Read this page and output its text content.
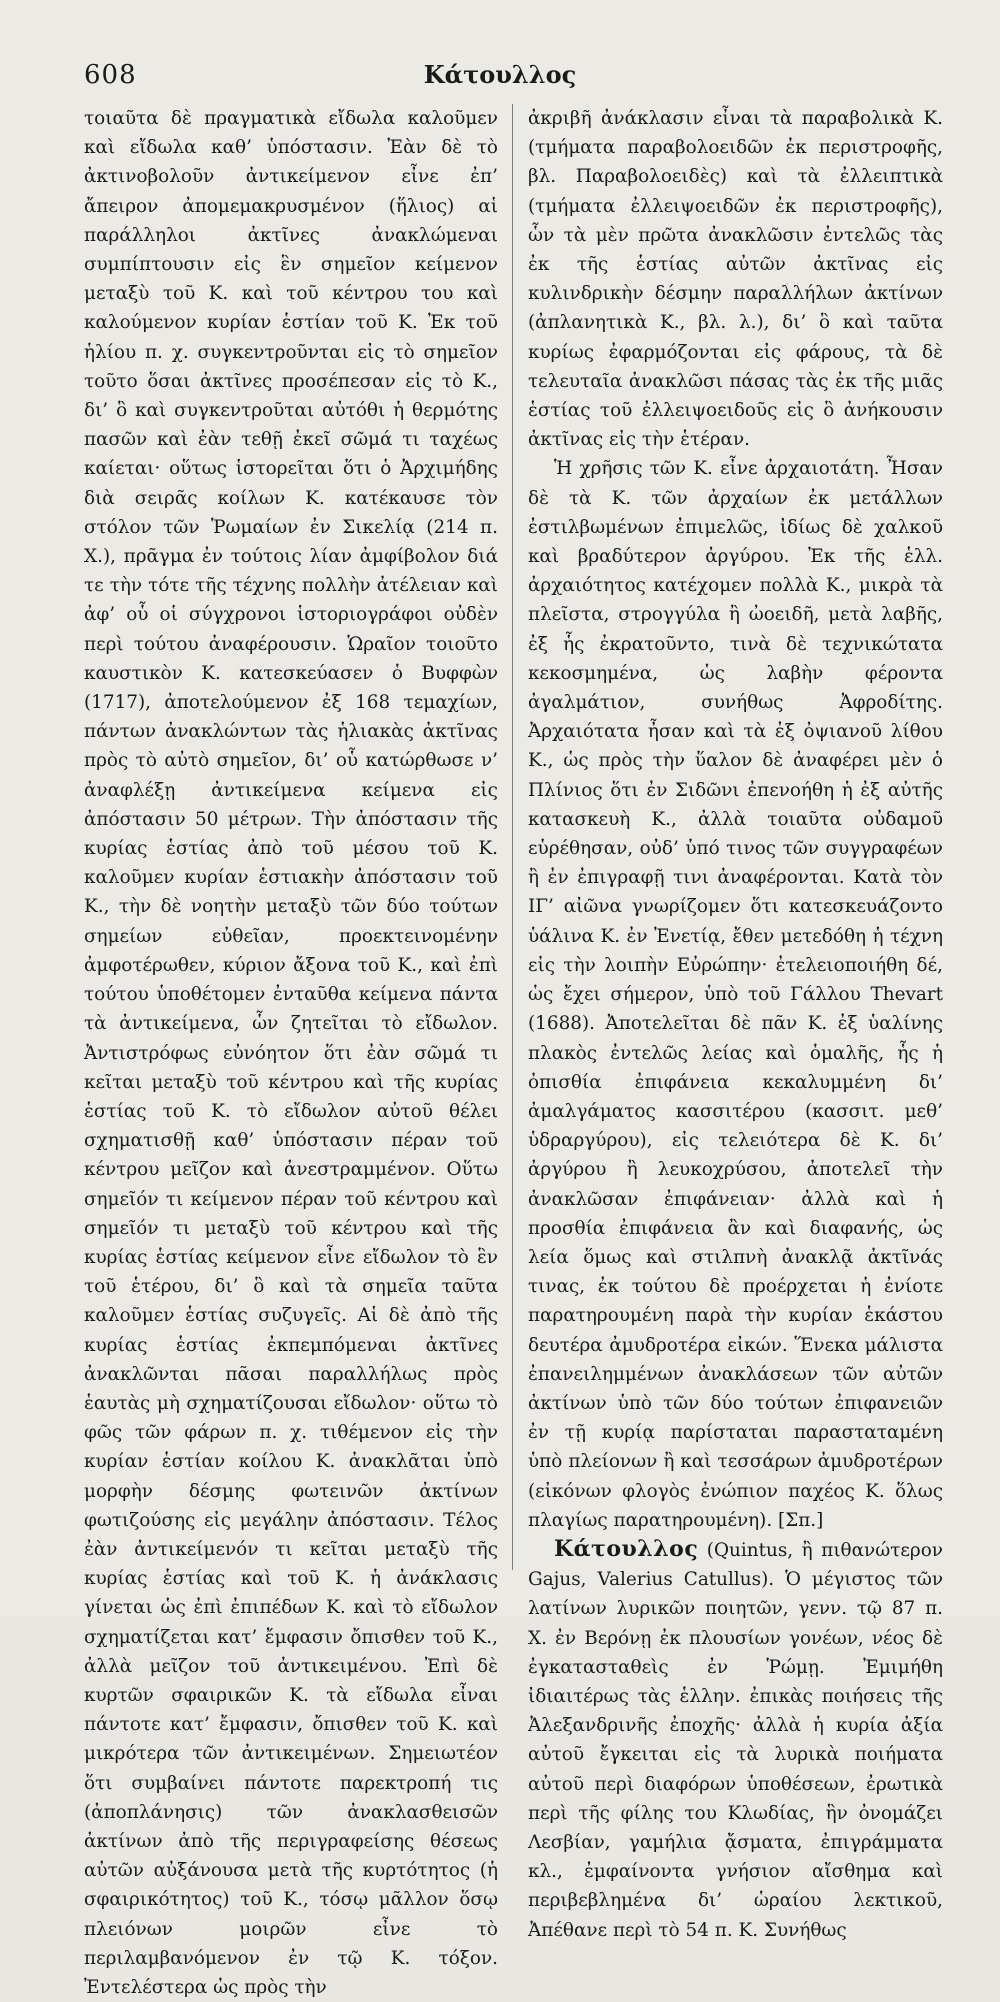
608	Κάτουλλος

τοιαῦτα δὲ πραγματικὰ εἴδωλα καλοῦμεν καὶ εἴδωλα καθ’ ὑπόστασιν. Ἐὰν δὲ τὸ ἀκτινοβολοῦν ἀντικείμενον εἶνε ἐπ’ ἄπειρον ἀπομεμακρυσμένον (ἥλιος) αἱ παράλληλοι ἀκτῖνες ἀνακλώμεναι συμπίπτουσιν εἰς ἓν σημεῖον κείμενον μεταξὺ τοῦ Κ. καὶ τοῦ κέντρου του καὶ καλούμενον κυρίαν ἑστίαν τοῦ Κ. Ἐκ τοῦ ἡλίου π. χ. συγκεντροῦνται εἰς τὸ σημεῖον τοῦτο ὅσαι ἀκτῖνες προσέπεσαν εἰς τὸ Κ., δι’ ὃ καὶ συγκεντροῦται αὐτόθι ἡ θερμότης πασῶν καὶ ἐὰν τεθῇ ἐκεῖ σῶμά τι ταχέως καίεται· οὕτως ἱστορεῖται ὅτι ὁ Ἀρχιμήδης διὰ σειρᾶς κοίλων Κ. κατέκαυσε τὸν στόλον τῶν Ῥωμαίων ἐν Σικελίᾳ (214 π. Χ.), πρᾶγμα ἐν τούτοις λίαν ἀμφίβολον διά τε τὴν τότε τῆς τέχνης πολλὴν ἀτέλειαν καὶ ἀφ’ οὗ οἱ σύγχρονοι ἱστοριογράφοι οὐδὲν περὶ τούτου ἀναφέρουσιν. Ὡραῖον τοιοῦτο καυστικὸν Κ. κατεσκεύασεν ὁ Βυφφὼν (1717), ἀποτελούμενον ἐξ 168 τεμαχίων, πάντων ἀνακλώντων τὰς ἡλιακὰς ἀκτῖνας πρὸς τὸ αὐτὸ σημεῖον, δι’ οὗ κατώρθωσε ν’ ἀναφλέξῃ ἀντικείμενα κείμενα εἰς ἀπόστασιν 50 μέτρων. Τὴν ἀπόστασιν τῆς κυρίας ἑστίας ἀπὸ τοῦ μέσου τοῦ Κ. καλοῦμεν κυρίαν ἑστιακὴν ἀπόστασιν τοῦ Κ., τὴν δὲ νοητὴν μεταξὺ τῶν δύο τούτων σημείων εὐθεῖαν, προεκτεινομένην ἀμφοτέρωθεν, κύριον ἄξονα τοῦ Κ., καὶ ἐπὶ τούτου ὑποθέτομεν ἐνταῦθα κείμενα πάντα τὰ ἀντικείμενα, ὧν ζητεῖται τὸ εἴδωλον. Ἀντιστρόφως εὐνόητον ὅτι ἐὰν σῶμά τι κεῖται μεταξὺ τοῦ κέντρου καὶ τῆς κυρίας ἑστίας τοῦ Κ. τὸ εἴδωλον αὐτοῦ θέλει σχηματισθῇ καθ’ ὑπόστασιν πέραν τοῦ κέντρου μεῖζον καὶ ἀνεστραμμένον. Οὕτω σημεῖόν τι κείμενον πέραν τοῦ κέντρου καὶ σημεῖόν τι μεταξὺ τοῦ κέντρου καὶ τῆς κυρίας ἑστίας κείμενον εἶνε εἴδωλον τὸ ἓν τοῦ ἑτέρου, δι’ ὃ καὶ τὰ σημεῖα ταῦτα καλοῦμεν ἑστίας συζυγεῖς. Αἱ δὲ ἀπὸ τῆς κυρίας ἑστίας ἐκπεμπόμεναι ἀκτῖνες ἀνακλῶνται πᾶσαι παραλλήλως πρὸς ἑαυτὰς μὴ σχηματίζουσαι εἴδωλον· οὕτω τὸ φῶς τῶν φάρων π. χ. τιθέμενον εἰς τὴν κυρίαν ἑστίαν κοίλου Κ. ἀνακλᾶται ὑπὸ μορφὴν δέσμης φωτεινῶν ἀκτίνων φωτιζούσης εἰς μεγάλην ἀπόστασιν. Τέλος ἐὰν ἀντικείμενόν τι κεῖται μεταξὺ τῆς κυρίας ἑστίας καὶ τοῦ Κ. ἡ ἀνάκλασις γίνεται ὡς ἐπὶ ἐπιπέδων Κ. καὶ τὸ εἴδωλον σχηματίζεται κατ’ ἔμφασιν ὄπισθεν τοῦ Κ., ἀλλὰ μεῖζον τοῦ ἀντικειμένου. Ἐπὶ δὲ κυρτῶν σφαιρικῶν Κ. τὰ εἴδωλα εἶναι πάντοτε κατ’ ἔμφασιν, ὄπισθεν τοῦ Κ. καὶ μικρότερα τῶν ἀντικειμένων. Σημειωτέον ὅτι συμβαίνει πάντοτε παρεκτροπή τις (ἀποπλάνησις) τῶν ἀνακλασθεισῶν ἀκτίνων ἀπὸ τῆς περιγραφείσης θέσεως αὐτῶν αὐξάνουσα μετὰ τῆς κυρτότητος (ἡ σφαιρικότητος) τοῦ Κ., τόσῳ μᾶλλον ὅσῳ πλειόνων μοιρῶν εἶνε τὸ περιλαμβανόμενον ἐν τῷ Κ. τόξον. Ἐντελέστερα ὡς πρὸς τὴν

ἀκριβῆ ἀνάκλασιν εἶναι τὰ παραβολικὰ Κ. (τμήματα παραβολοειδῶν ἐκ περιστροφῆς, βλ. Παραβολοειδὲς) καὶ τὰ ἐλλειπτικὰ (τμήματα ἐλλειψοειδῶν ἐκ περιστροφῆς), ὧν τὰ μὲν πρῶτα ἀνακλῶσιν ἐντελῶς τὰς ἐκ τῆς ἑστίας αὐτῶν ἀκτῖνας εἰς κυλινδρικὴν δέσμην παραλλήλων ἀκτίνων (ἀπλανητικὰ Κ., βλ. λ.), δι’ ὃ καὶ ταῦτα κυρίως ἐφαρμόζονται εἰς φάρους, τὰ δὲ τελευταῖα ἀνακλῶσι πάσας τὰς ἐκ τῆς μιᾶς ἑστίας τοῦ ἐλλειψοειδοῦς εἰς ὃ ἀνήκουσιν ἀκτῖνας εἰς τὴν ἑτέραν.

Ἡ χρῆσις τῶν Κ. εἶνε ἀρχαιοτάτη. Ἦσαν δὲ τὰ Κ. τῶν ἀρχαίων ἐκ μετάλλων ἐστιλβωμένων ἐπιμελῶς, ἰδίως δὲ χαλκοῦ καὶ βραδύτερον ἀργύρου. Ἐκ τῆς ἑλλ. ἀρχαιότητος κατέχομεν πολλὰ Κ., μικρὰ τὰ πλεῖστα, στρογγύλα ἢ ὠοειδῆ, μετὰ λαβῆς, ἐξ ἧς ἐκρατοῦντο, τινὰ δὲ τεχνικώτατα κεκοσμημένα, ὡς λαβὴν φέροντα ἀγαλμάτιον, συνήθως Ἀφροδίτης. Ἀρχαιότατα ἦσαν καὶ τὰ ἐξ ὀψιανοῦ λίθου Κ., ὡς πρὸς τὴν ὕαλον δὲ ἀναφέρει μὲν ὁ Πλίνιος ὅτι ἐν Σιδῶνι ἐπενοήθη ἡ ἐξ αὐτῆς κατασκευὴ Κ., ἀλλὰ τοιαῦτα οὐδαμοῦ εὑρέθησαν, οὐδ’ ὑπό τινος τῶν συγγραφέων ἢ ἐν ἐπιγραφῇ τινι ἀναφέρονται. Κατὰ τὸν ΙΓ’ αἰῶνα γνωρίζομεν ὅτι κατεσκευάζοντο ὑάλινα Κ. ἐν Ἐνετίᾳ, ἔθεν μετεδόθη ἡ τέχνη εἰς τὴν λοιπὴν Εὐρώπην· ἐτελειοποιήθη δέ, ὡς ἔχει σήμερον, ὑπὸ τοῦ Γάλλου Thevart (1688). Ἀποτελεῖται δὲ πᾶν Κ. ἐξ ὑαλίνης πλακὸς ἐντελῶς λείας καὶ ὁμαλῆς, ἧς ἡ ὀπισθία ἐπιφάνεια κεκαλυμμένη δι’ ἀμαλγάματος κασσιτέρου (κασσιτ. μεθ’ ὑδραργύρου), εἰς τελειότερα δὲ Κ. δι’ ἀργύρου ἢ λευκοχρύσου, ἀποτελεῖ τὴν ἀνακλῶσαν ἐπιφάνειαν· ἀλλὰ καὶ ἡ προσθία ἐπιφάνεια ἂν καὶ διαφανής, ὡς λεία ὅμως καὶ στιλπνὴ ἀνακλᾷ ἀκτῖνάς τινας, ἐκ τούτου δὲ προέρχεται ἡ ἐνίοτε παρατηρουμένη παρὰ τὴν κυρίαν ἑκάστου δευτέρα ἀμυδροτέρα εἰκών. Ἕνεκα μάλιστα ἐπανειλημμένων ἀνακλάσεων τῶν αὐτῶν ἀκτίνων ὑπὸ τῶν δύο τούτων ἐπιφανειῶν ἐν τῇ κυρίᾳ παρίσταται παρασταταμένη ὑπὸ πλείονων ἢ καὶ τεσσάρων ἀμυδροτέρων (εἰκόνων φλογὸς ἐνώπιον παχέος Κ. ὅλως πλαγίως παρατηρουμένη). [Σπ.]

Κάτουλλος (Quintus, ἢ πιθανώτερον Gajus, Valerius Catullus). Ὁ μέγιστος τῶν λατίνων λυρικῶν ποιητῶν, γενν. τῷ 87 π. Χ. ἐν Βερόνῃ ἐκ πλουσίων γονέων, νέος δὲ ἐγκατασταθεὶς ἐν Ῥώμῃ. Ἐμιμήθη ἰδιαιτέρως τὰς ἑλλην. ἐπικὰς ποιήσεις τῆς Ἀλεξανδρινῆς ἐποχῆς· ἀλλὰ ἡ κυρία ἀξία αὐτοῦ ἔγκειται εἰς τὰ λυρικὰ ποιήματα αὐτοῦ περὶ διαφόρων ὑποθέσεων, ἐρωτικὰ περὶ τῆς φίλης του Κλωδίας, ἣν ὀνομάζει Λεσβίαν, γαμήλια ᾄσματα, ἐπιγράμματα κλ., ἐμφαίνοντα γνήσιον αἴσθημα καὶ περιβεβλημένα δι’ ὡραίου λεκτικοῦ, Ἀπέθανε περὶ τὸ 54 π. Κ. Συνήθως
